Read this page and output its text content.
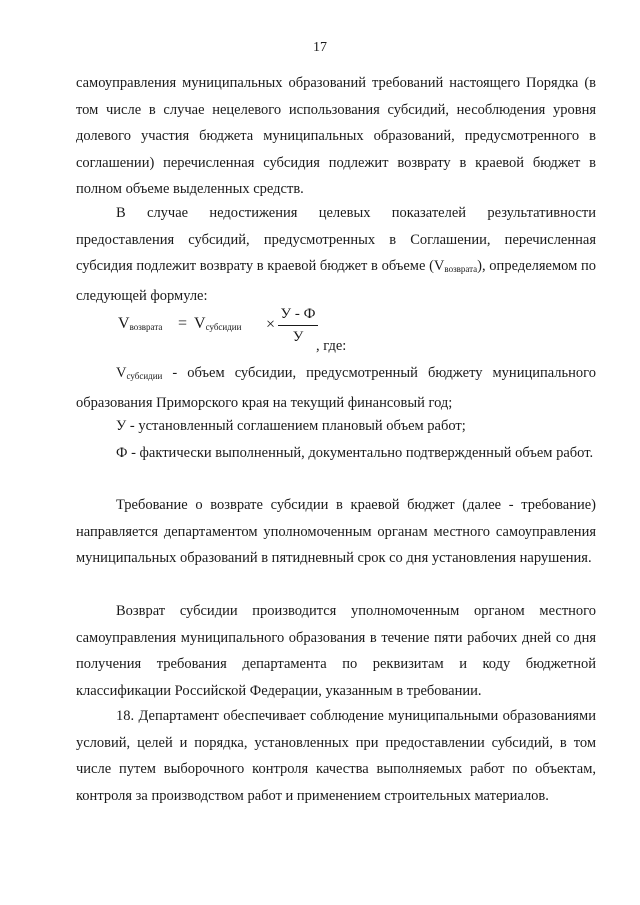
17

самоуправления муниципальных образований требований настоящего Порядка (в том числе в случае нецелевого использования субсидий, несоблюдения уровня долевого участия бюджета муниципальных образований, предусмотренного в соглашении) перечисленная субсидия подлежит возврату в краевой бюджет в полном объеме выделенных средств.

В случае недостижения целевых показателей результативности предоставления субсидий, предусмотренных в Соглашении, перечисленная субсидия подлежит возврату в краевой бюджет в объеме $(V_{возврата})$, определяемом по следующей формуле:

$V_{возврата} = V_{субсидии}$ ×
У - Ф
У
, где:

$V_{субсидии}$ - объем субсидии, предусмотренный бюджету муниципального образования Приморского края на текущий финансовый год;

У - установленный соглашением плановый объем работ;

Ф - фактически выполненный, документально подтвержденный объем работ.

Требование о возврате субсидии в краевой бюджет (далее - требование) направляется департаментом уполномоченным органам местного самоуправления муниципальных образований в пятидневный срок со дня установления нарушения.

Возврат субсидии производится уполномоченным органом местного самоуправления муниципального образования в течение пяти рабочих дней со дня получения требования департамента по реквизитам и коду бюджетной классификации Российской Федерации, указанным в требовании.

18. Департамент обеспечивает соблюдение муниципальными образованиями условий, целей и порядка, установленных при предоставлении субсидий, в том числе путем выборочного контроля качества выполняемых работ по объектам, контроля за производством работ и применением строительных материалов.
